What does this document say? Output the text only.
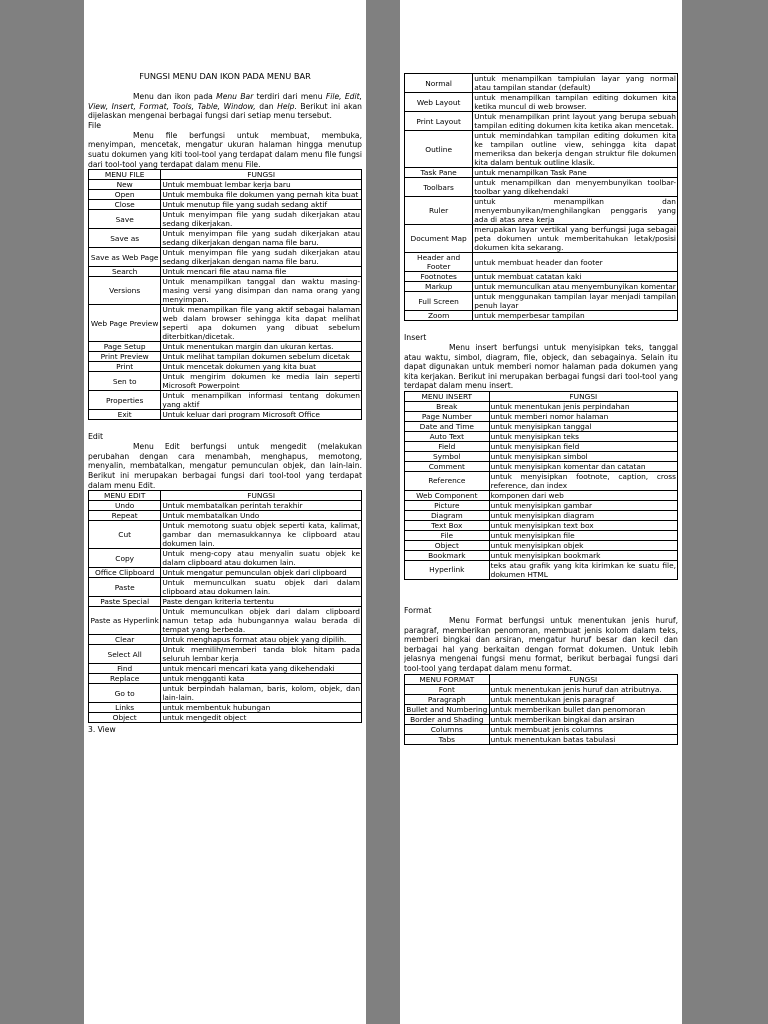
FUNGSI MENU DAN IKON PADA MENU BAR

Menu dan ikon pada Menu Bar terdiri dari menu File, Edit, View, Insert, Format, Tools, Table, Window, dan Help. Berikut ini akan dijelaskan mengenai berbagai fungsi dari setiap menu tersebut.

File

Menu file berfungsi untuk membuat, membuka, menyimpan, mencetak, mengatur ukuran halaman hingga menutup suatu dokumen yang kiti tool-tool yang terdapat dalam menu file fungsi dari tool-tool yang terdapat dalam menu File.

MENU FILE	FUNGSI
New	Untuk membuat lembar kerja baru
Open	Untuk membuka file dokumen yang pernah kita buat
Close	Untuk menutup file yang sudah sedang aktif
Save	Untuk menyimpan file yang sudah dikerjakan atau sedang dikerjakan.
Save as	Untuk menyimpan file yang sudah dikerjakan atau sedang dikerjakan dengan nama file baru.
Save as Web Page	Untuk menyimpan file yang sudah dikerjakan atau sedang dikerjakan dengan nama file baru.
Search	Untuk mencari file atau nama file
Versions	Untuk menampilkan tanggal dan waktu masing-masing versi yang disimpan dan nama orang yang menyimpan.
Web Page Preview	Untuk menampilkan file yang aktif sebagai halaman web dalam browser sehingga kita dapat melihat seperti apa dokumen yang dibuat sebelum diterbitkan/dicetak.
Page Setup	Untuk menentukan margin dan ukuran kertas.
Print Preview	Untuk melihat tampilan dokumen sebelum dicetak
Print	Untuk mencetak dokumen yang kita buat
Sen to	Untuk mengirim dokumen ke media lain seperti Microsoft Powerpoint
Properties	Untuk menampilkan informasi tentang dokumen yang aktif
Exit	Untuk keluar dari program Microsoft Office

Edit

Menu Edit berfungsi untuk mengedit (melakukan perubahan dengan cara menambah, menghapus, memotong, menyalin, membatalkan, mengatur pemunculan objek, dan lain-lain. Berikut ini merupakan berbagai fungsi dari tool-tool yang terdapat dalam menu Edit.

MENU EDIT	FUNGSI
Undo	Untuk membatalkan perintah terakhir
Repeat	Untuk membatalkan Undo
Cut	Untuk memotong suatu objek seperti kata, kalimat, gambar dan memasukkannya ke clipboard atau dokumen lain.
Copy	Untuk meng-copy atau menyalin suatu objek ke dalam clipboard atau dokumen lain.
Office Clipboard	Untuk mengatur pemunculan objek dari clipboard
Paste	Untuk memunculkan suatu objek dari dalam clipboard atau dokumen lain.
Paste Special	Paste dengan kriteria tertentu
Paste as Hyperlink	Untuk memunculkan objek dari dalam clipboard namun tetap ada hubungannya walau berada di tempat yang berbeda.
Clear	Untuk menghapus format atau objek yang dipilih.
Select All	Untuk memilih/memberi tanda blok hitam pada seluruh lembar kerja
Find	untuk mencari mencari kata yang dikehendaki
Replace	untuk mengganti kata
Go to	untuk berpindah halaman, baris, kolom, objek, dan lain-lain.
Links	untuk membentuk hubungan
Object	untuk mengedit object

3. View

Normal	untuk menampilkan tampiulan layar yang normal atau tampilan standar (default)
Web Layout	untuk menampilkan tampilan editing dokumen kita ketika muncul di web browser.
Print Layout	Untuk menampilkan print layout yang berupa sebuah tampilan editing dokumen kita ketika akan mencetak.
Outline	untuk memindahkan tampilan editing dokumen kita ke tampilan outline view, sehingga kita dapat memeriksa dan bekerja dengan struktur file dokumen kita dalam bentuk outline klasik.
Task Pane	untuk menampilkan Task Pane
Toolbars	untuk menampilkan dan menyembunyikan toolbar-toolbar yang dikehendaki
Ruler	untuk menampilkan dan menyembunyikan/menghilangkan penggaris yang ada di atas area kerja
Document Map	merupakan layar vertikal yang berfungsi juga sebagai peta dokumen untuk memberitahukan letak/posisi dokumen kita sekarang.
Header and Footer	untuk membuat header dan footer
Footnotes	untuk membuat catatan kaki
Markup	untuk memunculkan atau menyembunyikan komentar
Full Screen	untuk menggunakan tampilan layar menjadi tampilan penuh layar
Zoom	untuk memperbesar tampilan

Insert

Menu insert berfungsi untuk menyisipkan teks, tanggal atau waktu, simbol, diagram, file, objeck, dan sebagainya. Selain itu dapat digunakan untuk memberi nomor halaman pada dokumen yang kita kerjakan. Berikut ini merupakan berbagai fungsi dari tool-tool yang terdapat dalam menu insert.

MENU INSERT	FUNGSI
Break	untuk menentukan jenis perpindahan
Page Number	untuk memberi nomor halaman
Date and Time	untuk menyisipkan tanggal
Auto Text	untuk menyisipkan teks
Field	untuk menyisipkan field
Symbol	untuk menyisipkan simbol
Comment	untuk menyisipkan komentar dan catatan
Reference	untuk menyisipkan footnote, caption, cross reference, dan index
Web Component	komponen dari web
Picture	untuk menyisipkan gambar
Diagram	untuk menyisipkan diagram
Text Box	untuk menyisipkan text box
File	untuk menyisipkan file
Object	untuk menyisipkan objek
Bookmark	untuk menyisipkan bookmark
Hyperlink	teks atau grafik yang kita kirimkan ke suatu file, dokumen HTML

Format

Menu Format berfungsi untuk menentukan jenis huruf, paragraf, memberikan penomoran, membuat jenis kolom dalam teks, memberi bingkai dan arsiran, mengatur huruf besar dan kecil dan berbagai hal yang berkaitan dengan format dokumen. Untuk lebih jelasnya mengenai fungsi menu format, berikut berbagai fungsi dari tool-tool yang terdapat dalam menu format.

MENU FORMAT	FUNGSI
Font	untuk menentukan jenis huruf dan atributnya.
Paragraph	untuk menentukan jenis paragraf
Bullet and Numbering	untuk memberikan bullet dan penomoran
Border and Shading	untuk memberikan bingkai dan arsiran
Columns	untuk membuat jenis columns
Tabs	untuk menentukan batas tabulasi
